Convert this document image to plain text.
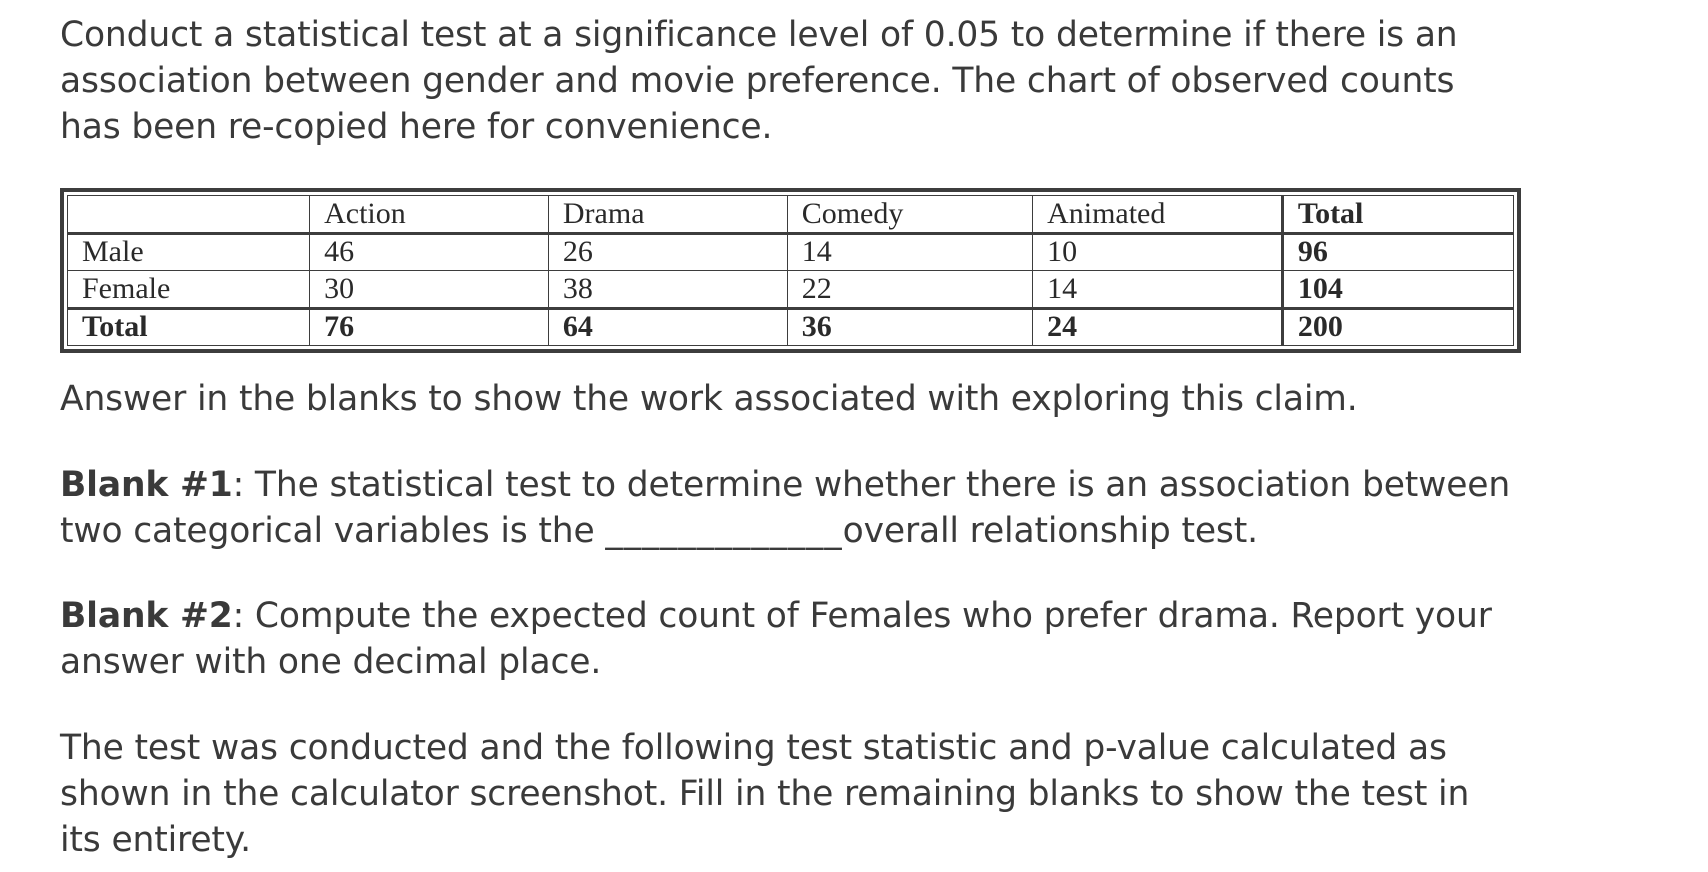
Conduct a statistical test at a significance level of 0.05 to determine if there is an
association between gender and movie preference. The chart of observed counts
has been re-copied here for convenience.

	Action	Drama	Comedy	Animated	Total
Male	46	26	14	10	96
Female	30	38	22	14	104
Total	76	64	36	24	200

Answer in the blanks to show the work associated with exploring this claim.

Blank #1: The statistical test to determine whether there is an association between
two categorical variables is the _____________overall relationship test.

Blank #2: Compute the expected count of Females who prefer drama. Report your
answer with one decimal place.

The test was conducted and the following test statistic and p-value calculated as
shown in the calculator screenshot. Fill in the remaining blanks to show the test in
its entirety.
